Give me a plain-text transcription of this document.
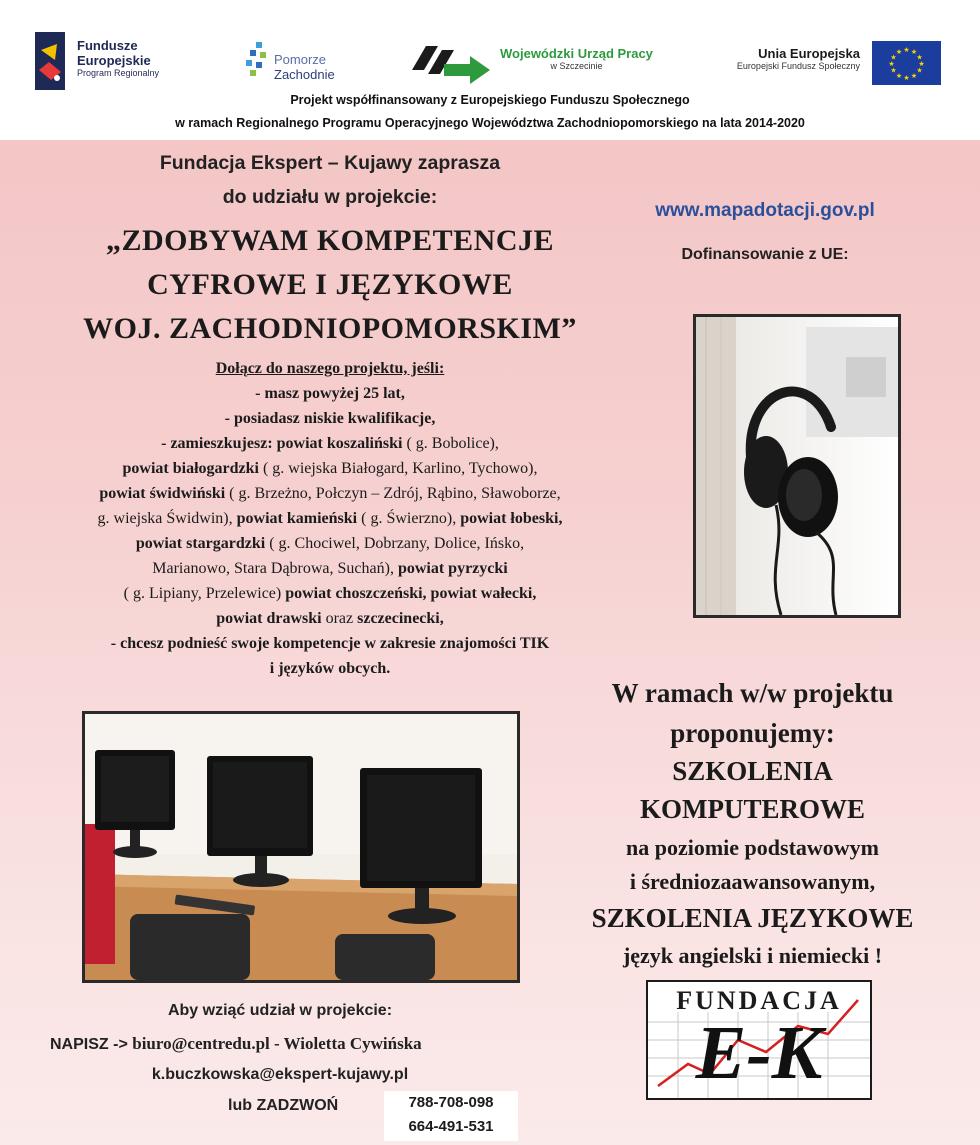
Fundusze
Europejskie
Program Regionalny
Pomorze
Zachodnie
Wojewódzki Urząd Pracy
w Szczecinie
Unia Europejska
Europejski Fundusz Społeczny
★ ★
★
★
★
★
★
★
★
★
★
★
Projekt współfinansowany z Europejskiego Funduszu Społecznego
w ramach Regionalnego Programu Operacyjnego Województwa Zachodniopomorskiego na lata 2014-2020
Fundacja Ekspert – Kujawy zaprasza
do udziału w projekcie:
„ZDOBYWAM KOMPETENCJE
CYFROWE I JĘZYKOWE
WOJ. ZACHODNIOPOMORSKIM”
Dołącz do naszego projektu, jeśli:
- masz powyżej 25 lat,
- posiadasz niskie kwalifikacje,
- zamieszkujesz: powiat koszaliński ( g. Bobolice),
powiat białogardzki ( g. wiejska Białogard, Karlino, Tychowo),
powiat świdwiński ( g. Brzeżno, Połczyn – Zdrój, Rąbino, Sławoborze,
g. wiejska Świdwin), powiat kamieński ( g. Świerzno), powiat łobeski,
powiat stargardzki ( g. Chociwel, Dobrzany, Dolice, Ińsko,
Marianowo, Stara Dąbrowa, Suchań), powiat pyrzycki
( g. Lipiany, Przelewice) powiat choszczeński, powiat wałecki,
powiat drawski oraz szczecinecki,
- chcesz podnieść swoje kompetencje w zakresie znajomości TIK
i języków obcych.
www.mapadotacji.gov.pl
Dofinansowanie z UE:
W ramach w/w projektu
proponujemy:
SZKOLENIA
KOMPUTEROWE
na poziomie podstawowym
i średniozaawansowanym,
SZKOLENIA JĘZYKOWE
język angielski i niemiecki !
Aby wziąć udział w projekcie:
NAPISZ -> biuro@centredu.pl - Wioletta Cywińska
k.buczkowska@ekspert-kujawy.pl
lub ZADZWOŃ	788-708-098
664-491-531
FUNDACJA
E-K
